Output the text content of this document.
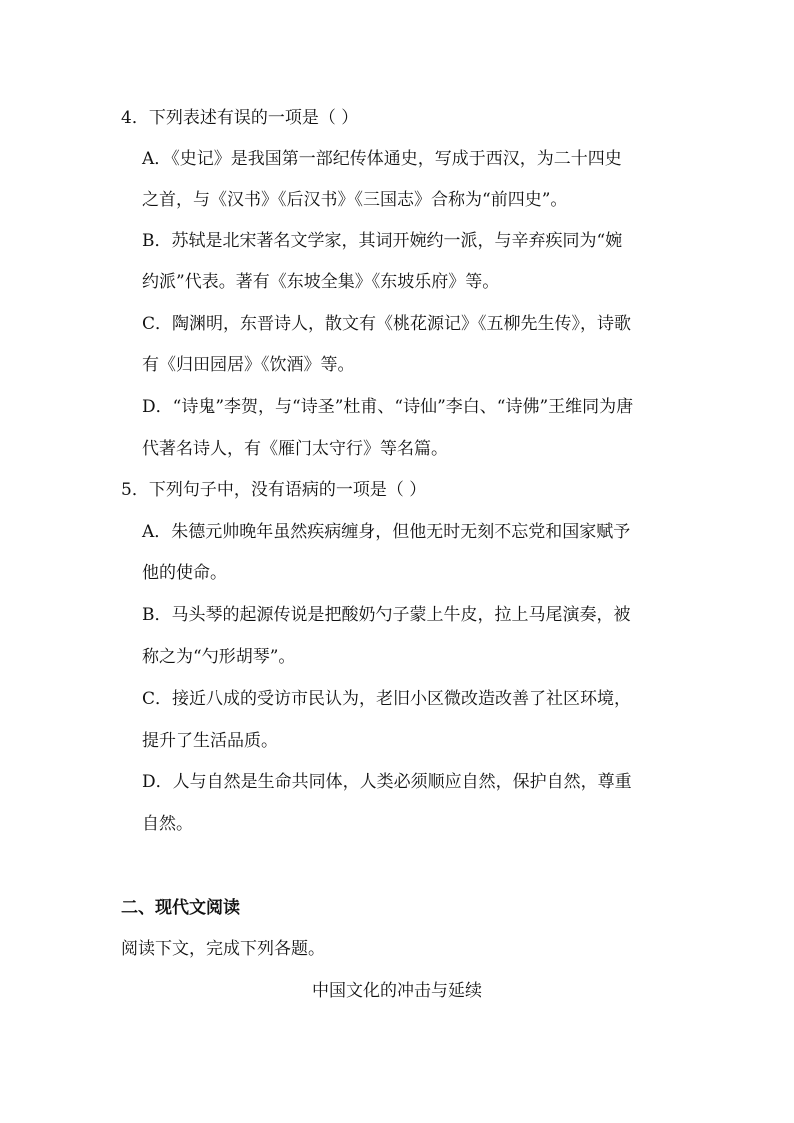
4．下列表述有误的一项是（ ）
A．《史记》是我国第一部纪传体通史，写成于西汉，为二十四史
之首，与《汉书》《后汉书》《三国志》合称为“前四史”。
B．苏轼是北宋著名文学家，其词开婉约一派，与辛弃疾同为“婉
约派”代表。著有《东坡全集》《东坡乐府》等。
C．陶渊明，东晋诗人，散文有《桃花源记》《五柳先生传》，诗歌
有《归田园居》《饮酒》等。
D．“诗鬼”李贺，与“诗圣”杜甫、“诗仙”李白、“诗佛”王维同为唐
代著名诗人，有《雁门太守行》等名篇。
5．下列句子中，没有语病的一项是（ ）
A．朱德元帅晚年虽然疾病缠身，但他无时无刻不忘党和国家赋予
他的使命。
B．马头琴的起源传说是把酸奶勺子蒙上牛皮，拉上马尾演奏，被
称之为“勺形胡琴”。
C．接近八成的受访市民认为，老旧小区微改造改善了社区环境，
提升了生活品质。
D．人与自然是生命共同体，人类必须顺应自然，保护自然，尊重
自然。
二、现代文阅读
阅读下文，完成下列各题。
中国文化的冲击与延续
